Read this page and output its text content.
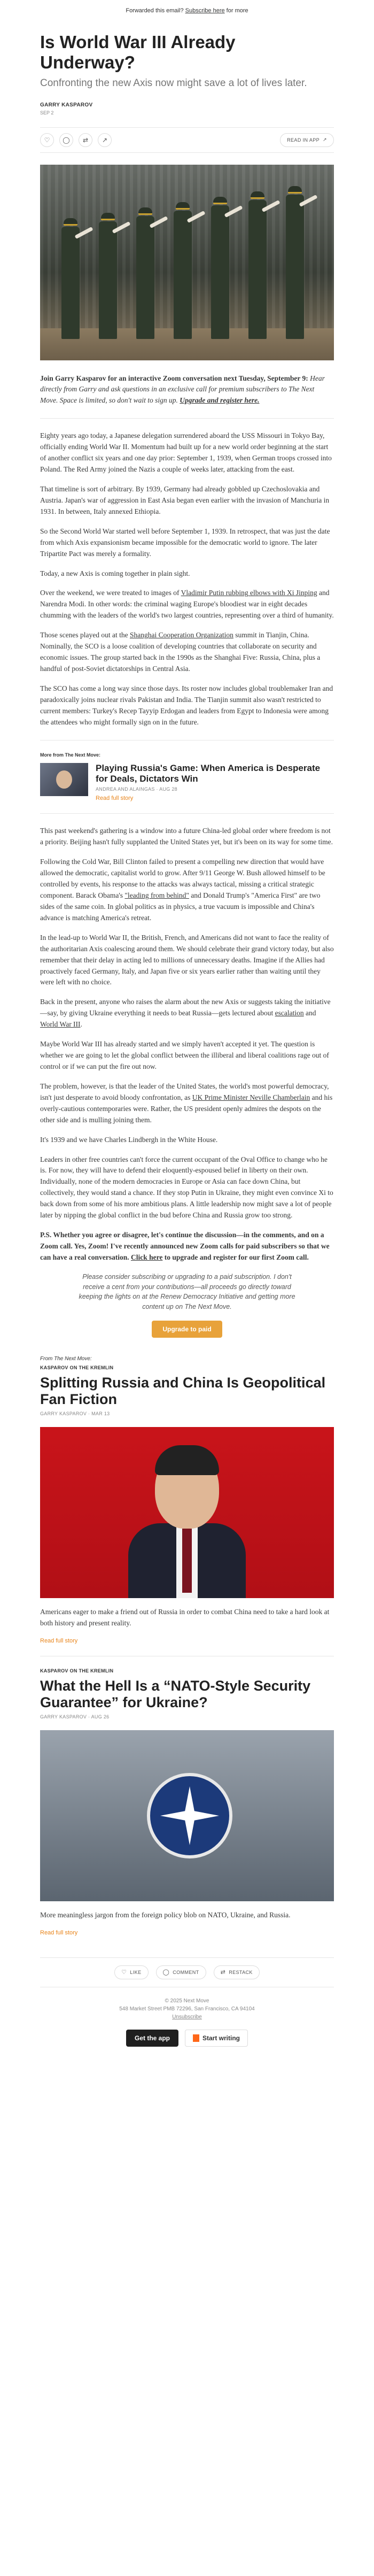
Forwarded this email? Subscribe here for more
Is World War III Already Underway?
Confronting the new Axis now might save a lot of lives later.
GARRY KASPAROV
SEP 2
♡	◯	⇄	↗	READ IN APP ↗

Join Garry Kasparov for an interactive Zoom conversation next Tuesday, September 9: Hear directly from Garry and ask questions in an exclusive call for premium subscribers to The Next Move. Space is limited, so don't wait to sign up. Upgrade and register here.

Eighty years ago today, a Japanese delegation surrendered aboard the USS Missouri in Tokyo Bay, officially ending World War II. Momentum had built up for a new world order beginning at the start of another conflict six years and one day prior: September 1, 1939, when German troops crossed into Poland. The Red Army joined the Nazis a couple of weeks later, attacking from the east.

That timeline is sort of arbitrary. By 1939, Germany had already gobbled up Czechoslovakia and Austria. Japan's war of aggression in East Asia began even earlier with the invasion of Manchuria in 1931. In between, Italy annexed Ethiopia.

So the Second World War started well before September 1, 1939. In retrospect, that was just the date from which Axis expansionism became impossible for the democratic world to ignore. The later Tripartite Pact was merely a formality.

Today, a new Axis is coming together in plain sight.

Over the weekend, we were treated to images of Vladimir Putin rubbing elbows with Xi Jinping and Narendra Modi. In other words: the criminal waging Europe's bloodiest war in eight decades chumming with the leaders of the world's two largest countries, representing over a third of humanity.

Those scenes played out at the Shanghai Cooperation Organization summit in Tianjin, China. Nominally, the SCO is a loose coalition of developing countries that collaborate on security and economic issues. The group started back in the 1990s as the Shanghai Five: Russia, China, plus a handful of post-Soviet dictatorships in Central Asia.

The SCO has come a long way since those days. Its roster now includes global troublemaker Iran and paradoxically joins nuclear rivals Pakistan and India. The Tianjin summit also wasn't restricted to current members: Turkey's Recep Tayyip Erdogan and leaders from Egypt to Indonesia were among the attendees who might formally sign on in the future.

More from The Next Move:
Playing Russia's Game: When America is Desperate for Deals, Dictators Win
ANDREA AND ALAINGAS · AUG 28
Read full story

This past weekend's gathering is a window into a future China-led global order where freedom is not a priority. Beijing hasn't fully supplanted the United States yet, but it's been on its way for some time.

Following the Cold War, Bill Clinton failed to present a compelling new direction that would have allowed the democratic, capitalist world to grow. After 9/11 George W. Bush allowed himself to be controlled by events, his response to the attacks was always tactical, missing a critical strategic component. Barack Obama's "leading from behind" and Donald Trump's "America First" are two sides of the same coin. In global politics as in physics, a true vacuum is impossible and China's advance is matching America's retreat.

In the lead-up to World War II, the British, French, and Americans did not want to face the reality of the authoritarian Axis coalescing around them. We should celebrate their grand victory today, but also remember that their delay in acting led to millions of unnecessary deaths. Imagine if the Allies had proactively faced Germany, Italy, and Japan five or six years earlier rather than waiting until they were left with no choice.

Back in the present, anyone who raises the alarm about the new Axis or suggests taking the initiative—say, by giving Ukraine everything it needs to beat Russia—gets lectured about escalation and World War III.

Maybe World War III has already started and we simply haven't accepted it yet. The question is whether we are going to let the global conflict between the illiberal and liberal coalitions rage out of control or if we can put the fire out now.

The problem, however, is that the leader of the United States, the world's most powerful democracy, isn't just desperate to avoid bloody confrontation, as UK Prime Minister Neville Chamberlain and his overly-cautious contemporaries were. Rather, the US president openly admires the despots on the other side and is mulling joining them.

It's 1939 and we have Charles Lindbergh in the White House.

Leaders in other free countries can't force the current occupant of the Oval Office to change who he is. For now, they will have to defend their eloquently-espoused belief in liberty on their own. Individually, none of the modern democracies in Europe or Asia can face down China, but collectively, they would stand a chance. If they stop Putin in Ukraine, they might even convince Xi to back down from some of his more ambitious plans. A little leadership now might save a lot of people later by nipping the global conflict in the bud before China and Russia grow too strong.

P.S. Whether you agree or disagree, let's continue the discussion—in the comments, and on a Zoom call. Yes, Zoom! I've recently announced new Zoom calls for paid subscribers so that we can have a real conversation. Click here to upgrade and register for our first Zoom call.

Please consider subscribing or upgrading to a paid subscription. I don't receive a cent from your contributions—all proceeds go directly toward keeping the lights on at the Renew Democracy Initiative and getting more content up on The Next Move.
Upgrade to paid
From The Next Move:
KASPAROV ON THE KREMLIN
Splitting Russia and China Is Geopolitical Fan Fiction
GARRY KASPAROV · MAR 13
Americans eager to make a friend out of Russia in order to combat China need to take a hard look at both history and present reality.
Read full story
KASPAROV ON THE KREMLIN
What the Hell Is a “NATO-Style Security Guarantee” for Ukraine?
GARRY KASPAROV · AUG 26
More meaningless jargon from the foreign policy blob on NATO, Ukraine, and Russia.
Read full story
♡ LIKE	◯ COMMENT	⇄ RESTACK
© 2025 Next Move
548 Market Street PMB 72296, San Francisco, CA 94104
Unsubscribe
Get the app	Start writing
